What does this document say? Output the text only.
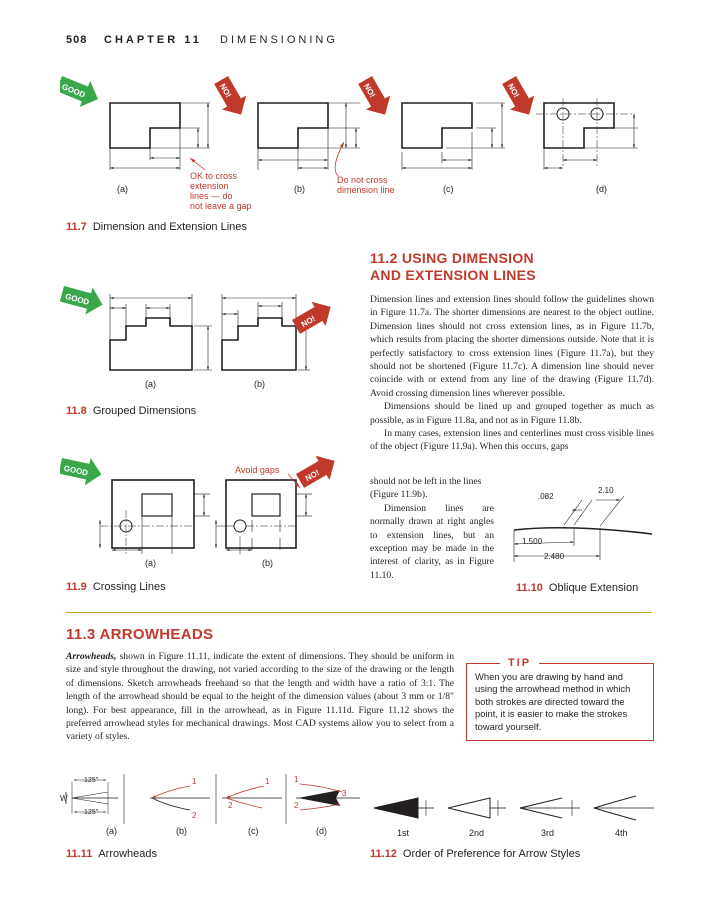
508 CHAPTER 11 DIMENSIONING
GOOD	NO!	NO!	NO!
(a)	(b)	(c)	(d)
OK to cross
extension
lines — do
not leave a gap
Do not cross
dimension line
11.7 Dimension and Extension Lines
GOOD
NO!
(a)	(b)
11.8 Grouped Dimensions
GOOD	NO!
Avoid gaps
(a)	(b)
11.9 Crossing Lines
11.2 USING DIMENSION
AND EXTENSION LINES

Dimension lines and extension lines should follow the guidelines shown in Figure 11.7a. The shorter dimensions are nearest to the object outline. Dimension lines should not cross extension lines, as in Figure 11.7b, which results from placing the shorter dimensions outside. Note that it is perfectly satisfactory to cross extension lines (Figure 11.7a), but they should not be shortened (Figure 11.7c). A dimension line should never coincide with or extend from any line of the drawing (Figure 11.7d). Avoid crossing dimension lines wherever possible.

Dimensions should be lined up and grouped together as much as possible, as in Figure 11.8a, and not as in Figure 11.8b.

In many cases, extension lines and centerlines must cross visible lines of the object (Figure 11.9a). When this occurs, gaps

should not be left in the lines (Figure 11.9b).

Dimension lines are normally drawn at right angles to extension lines, but an exception may be made in the interest of clarity, as in Figure 11.10.

.082
2.10
1.500
2.480
11.10 Oblique Extension
11.3 ARROWHEADS

Arrowheads, shown in Figure 11.11, indicate the extent of dimensions. They should be uniform in size and style throughout the drawing, not varied according to the size of the drawing or the length of dimensions. Sketch arrowheads freehand so that the length and width have a ratio of 3:1. The length of the arrowhead should be equal to the height of the dimension values (about 3 mm or 1/8" long). For best appearance, fill in the arrowhead, as in Figure 11.11d. Figure 11.12 shows the preferred arrowhead styles for mechanical drawings. Most CAD systems allow you to select from a variety of styles.

TIP
When you are drawing by hand and using the arrowhead method in which both strokes are directed toward the point, it is easier to make the strokes toward yourself.
.125"
.125"
W
1
2
1
2
1
2
3
(a)	(b)	(c)	(d)
11.11 Arrowheads
1st	2nd	3rd	4th
11.12 Order of Preference for Arrow Styles
